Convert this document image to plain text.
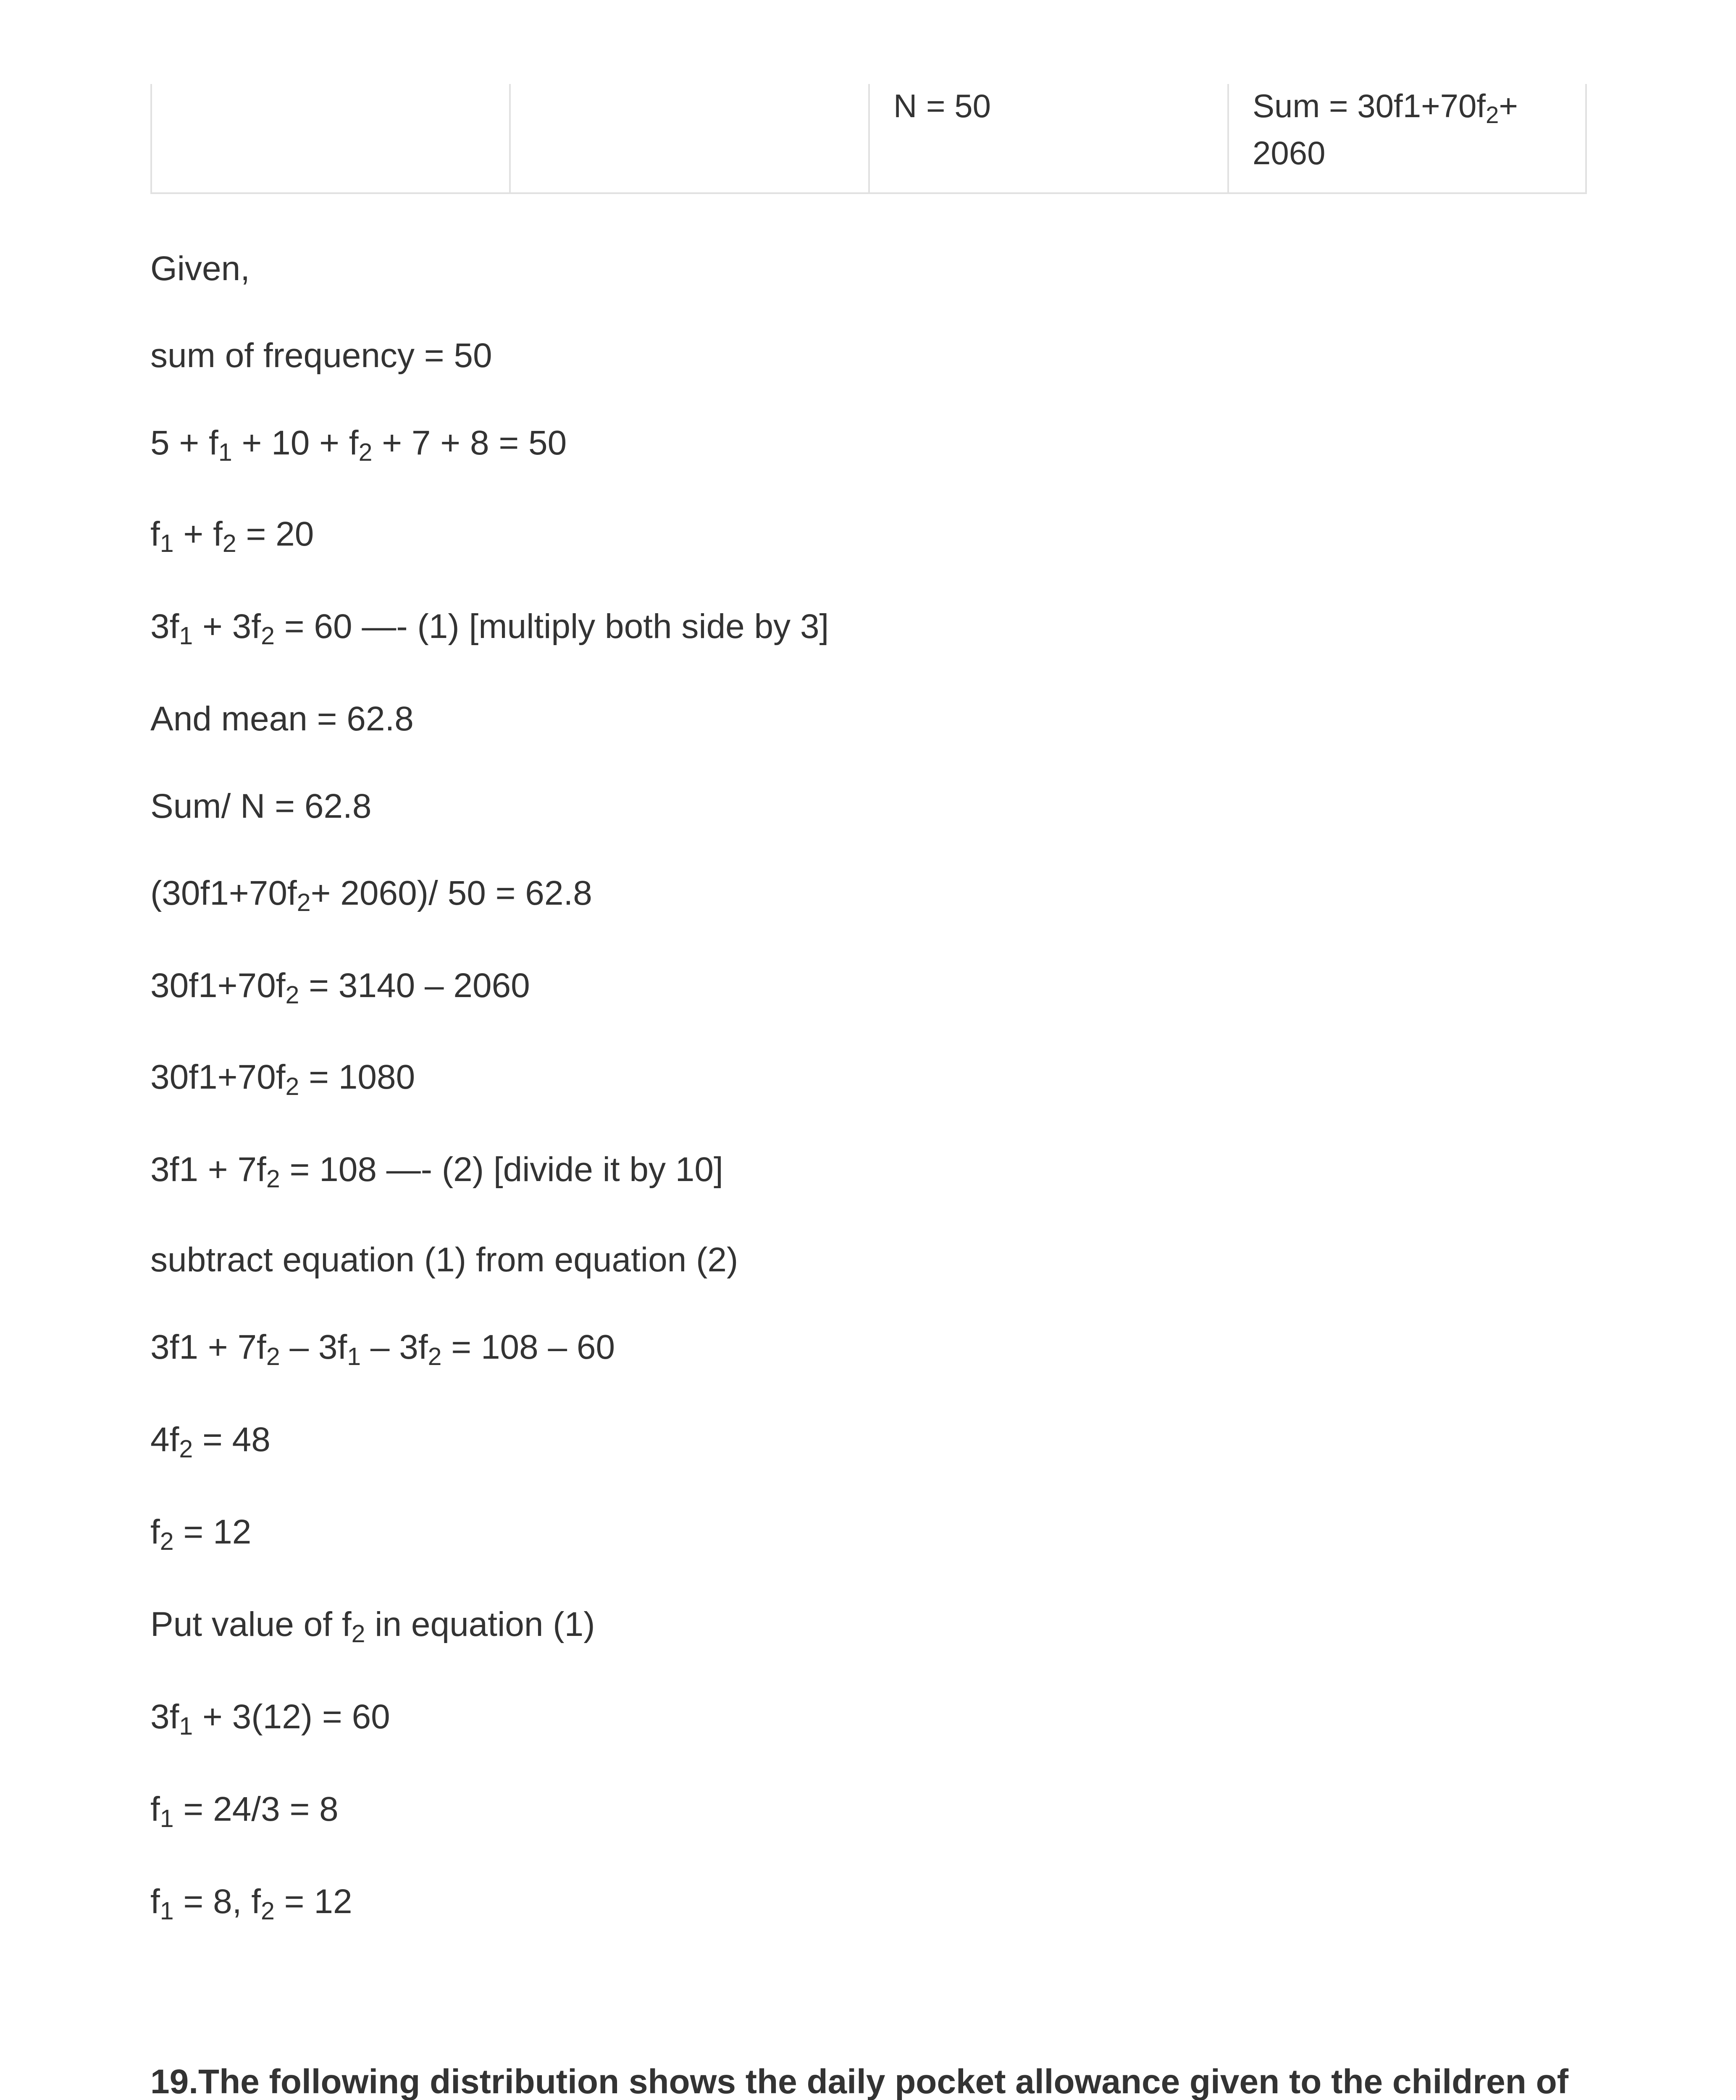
N = 50	Sum = $30f1+70f_2+$
2060
Given,
sum of frequency = 50
$5 + f_1 + 10 + f_2 + 7 + 8 = 50$
$f_1 + f_2 = 20$
$3f_1 + 3f_2 = 60$ —- (1) [multiply both side by 3]
And mean = 62.8
Sum/ N = 62.8
$(30f1+70f_2+ 2060)/$ 50 = 62.8
$30f1+70f_2 = 3140 - 2060$
$30f1+70f_2 = 1080$
$3f1 + 7f_2 = 108$ —- (2) [divide it by 10]
subtract equation (1) from equation (2)
$3f1 + 7f_2 - 3f_1 - 3f_2 = 108 - 60$
$4f_2 = 48$
$f_2 = 12$
Put value of $f_2$ in equation (1)
$3f_1 + 3(12) = 60$
$f_1 = 24/3 = 8$
$f_1 = 8$, $f_2 = 12$
19.The following distribution shows the daily pocket allowance given to the children of
